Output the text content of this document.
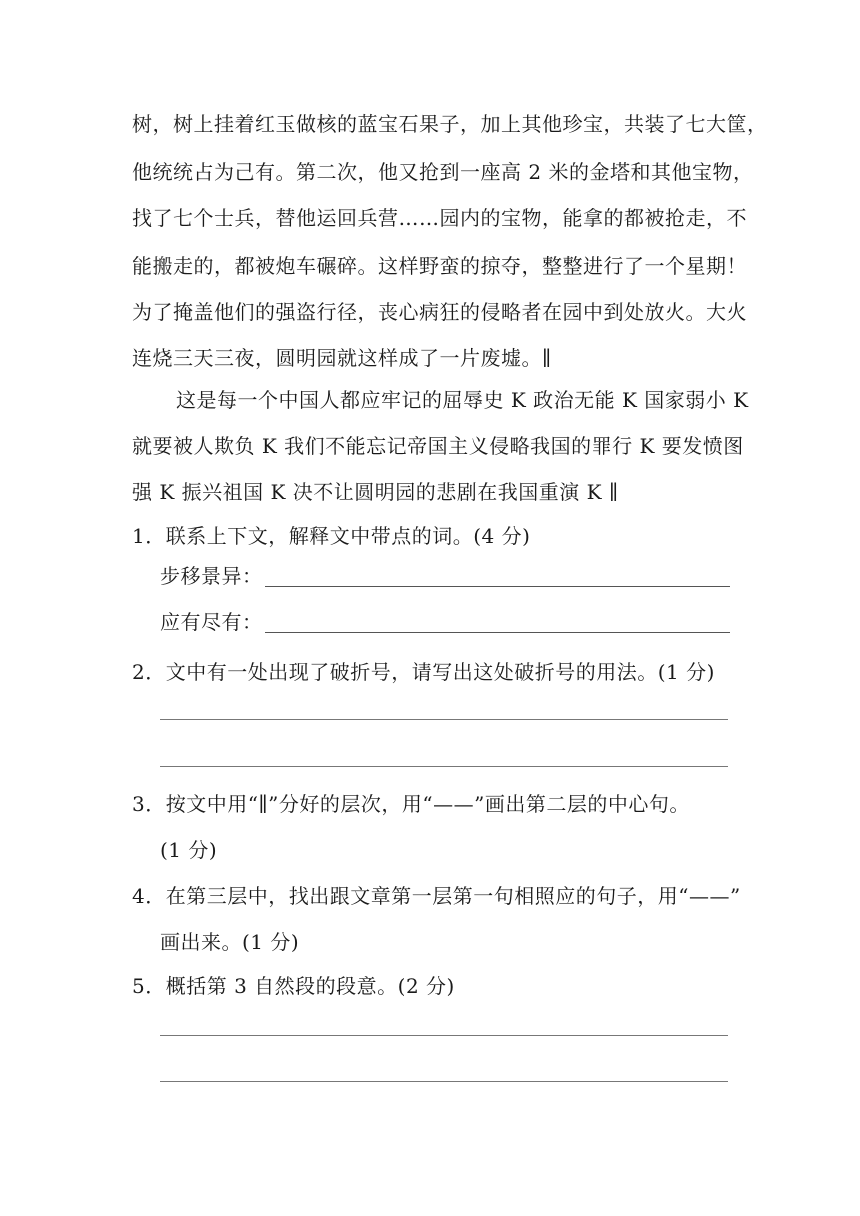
树，树上挂着红玉做核的蓝宝石果子，加上其他珍宝，共装了七大筐，
他统统占为己有。第二次，他又抢到一座高 2 米的金塔和其他宝物，
找了七个士兵，替他运回兵营……园内的宝物，能拿的都被抢走，不
能搬走的，都被炮车碾碎。这样野蛮的掠夺，整整进行了一个星期！
为了掩盖他们的强盗行径，丧心病狂的侵略者在园中到处放火。大火
连烧三天三夜，圆明园就这样成了一片废墟。∥
这是每一个中国人都应牢记的屈辱史 K 政治无能 K 国家弱小 K
就要被人欺负 K 我们不能忘记帝国主义侵略我国的罪行 K 要发愤图
强 K 振兴祖国 K 决不让圆明园的悲剧在我国重演 K ∥
1．联系上下文，解释文中带点的词。(4 分)
步移景异：
应有尽有：
2．文中有一处出现了破折号，请写出这处破折号的用法。(1 分)
3．按文中用“∥”分好的层次，用“——”画出第二层的中心句。
(1 分)
4．在第三层中，找出跟文章第一层第一句相照应的句子，用“——”
画出来。(1 分)
5．概括第 3 自然段的段意。(2 分)
